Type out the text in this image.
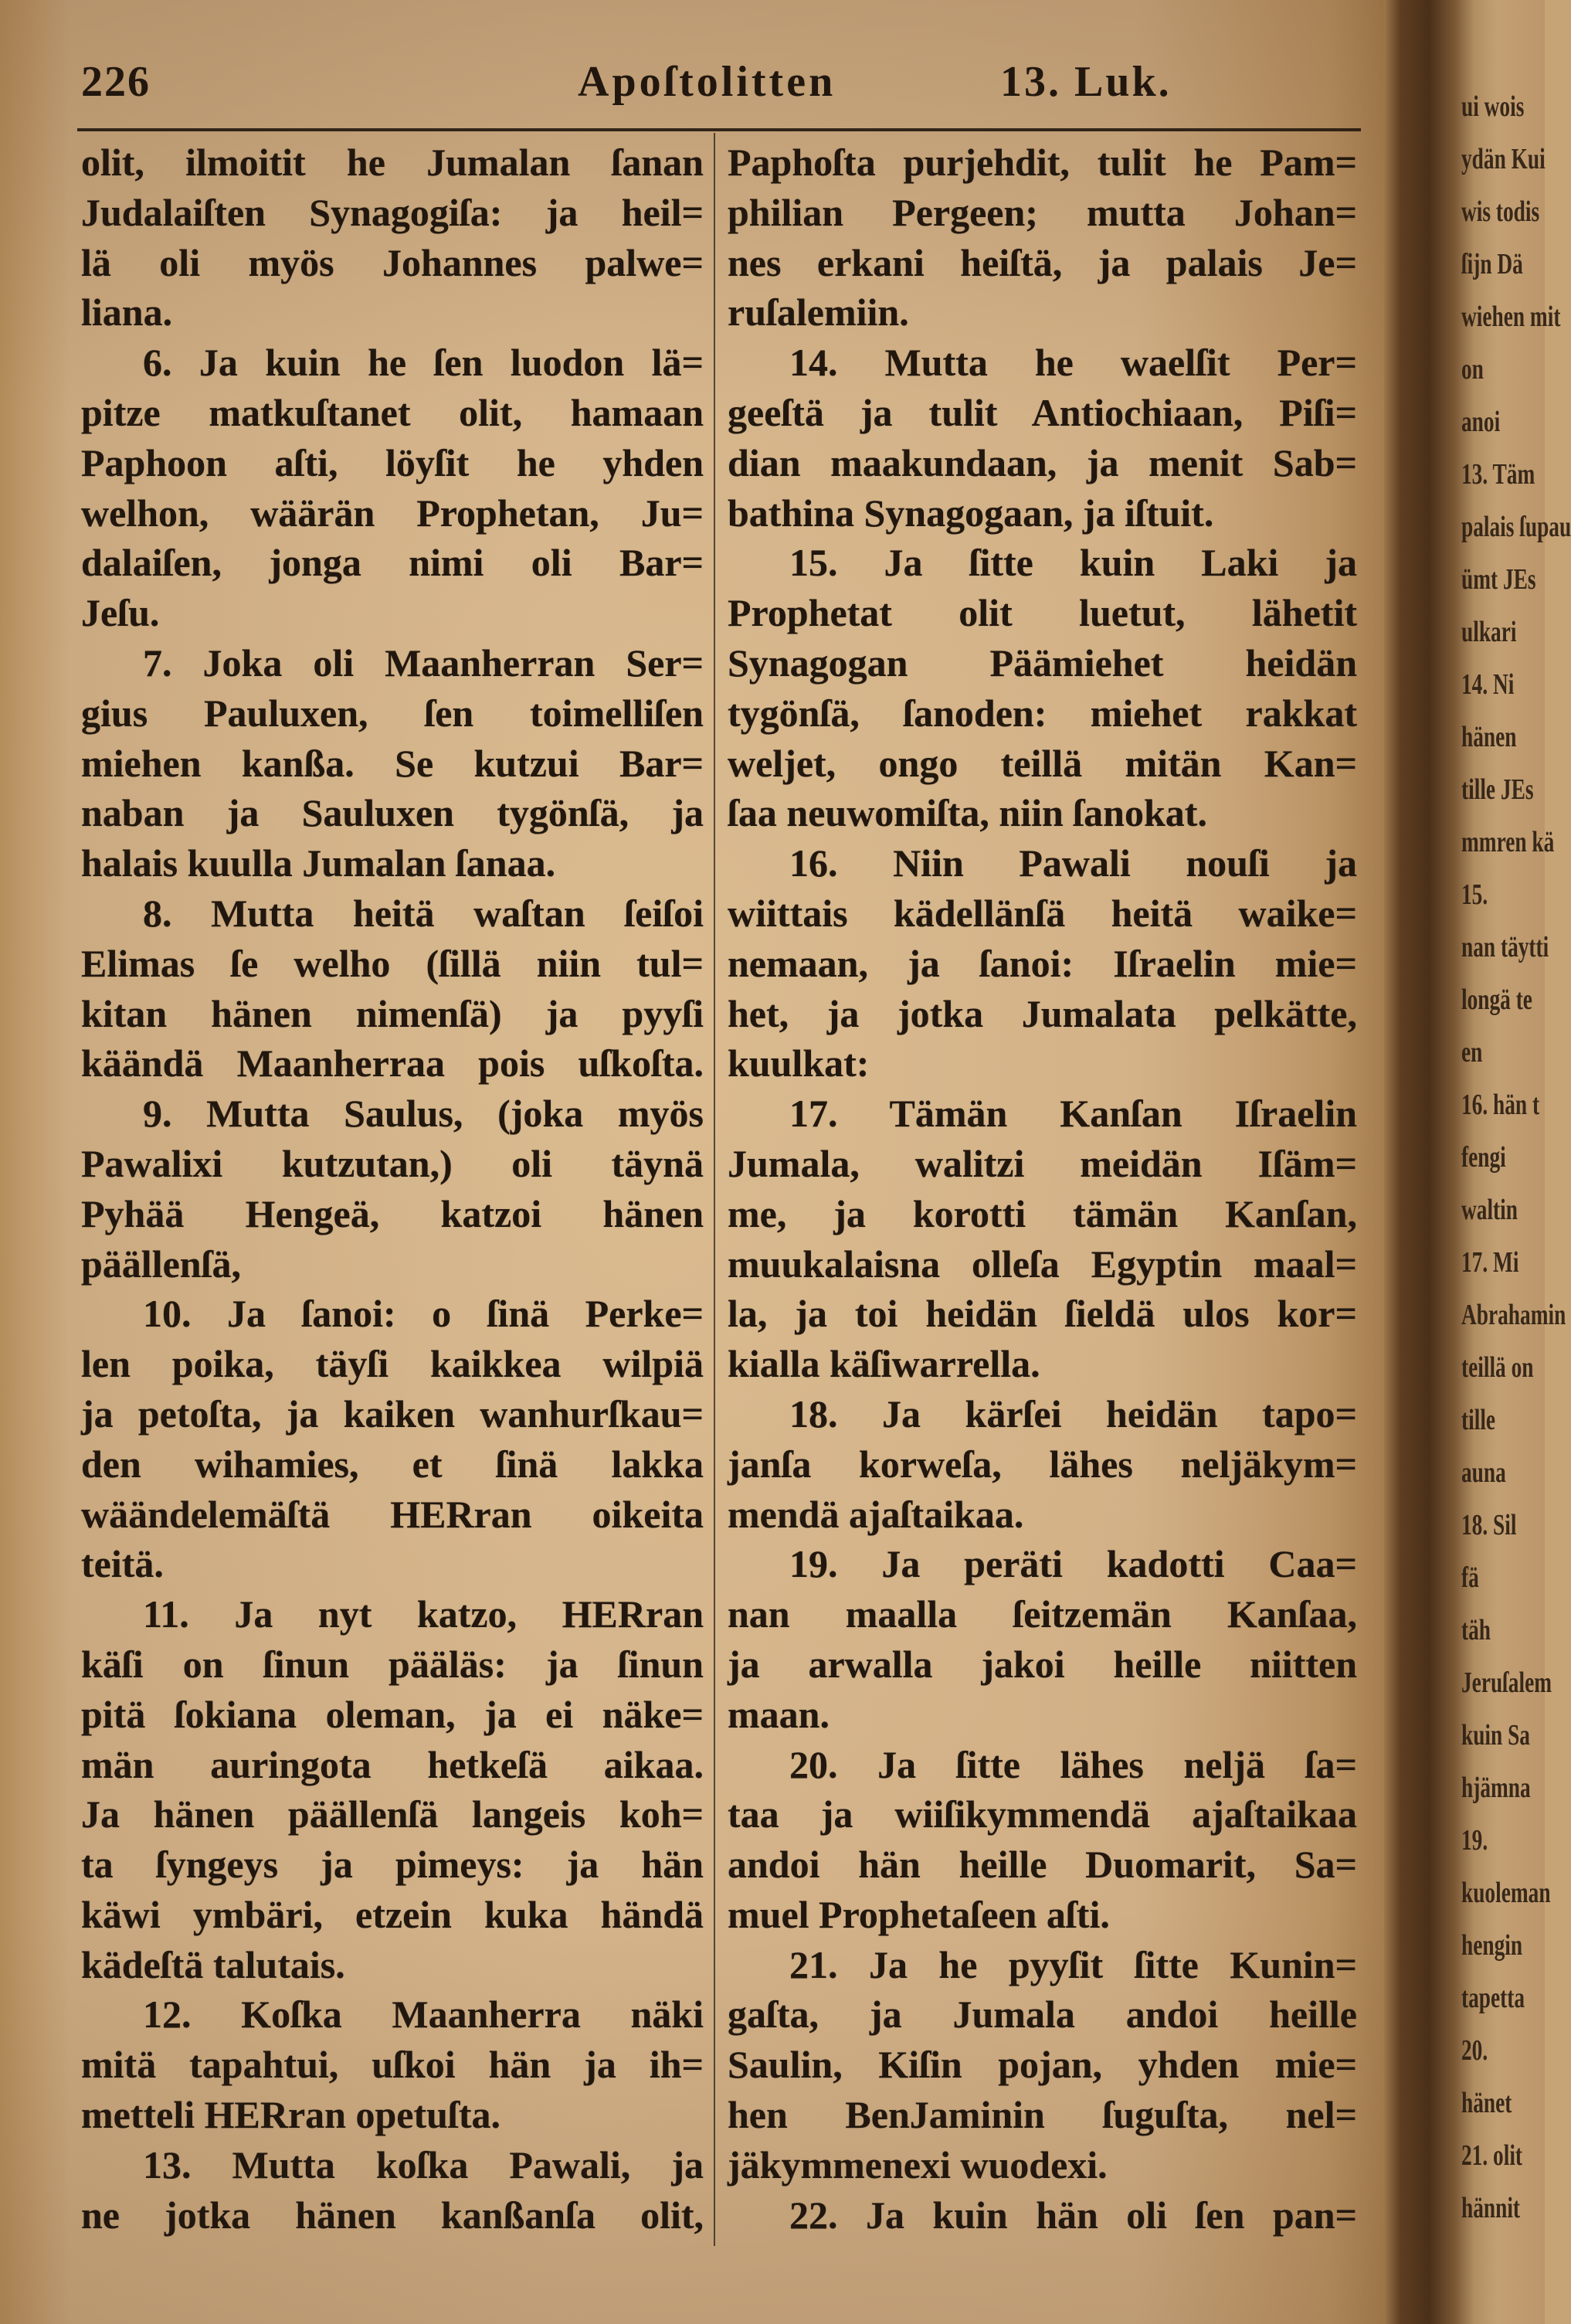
226	Apoſtolitten	13. Luk.
olit, ilmoitit he Jumalan ſanan
Judalaiſten Synagogiſa: ja heil=
lä oli myös Johannes palwe=
liana.
6. Ja kuin he ſen luodon lä=
pitze matkuſtanet olit, hamaan
Paphoon aſti, löyſit he yhden
welhon, wäärän Prophetan, Ju=
dalaiſen, jonga nimi oli Bar=
Jeſu.
7. Joka oli Maanherran Ser=
gius Pauluxen, ſen toimelliſen
miehen kanßa. Se kutzui Bar=
naban ja Sauluxen tygönſä, ja
halais kuulla Jumalan ſanaa.
8. Mutta heitä waſtan ſeiſoi
Elimas ſe welho (ſillä niin tul=
kitan hänen nimenſä) ja pyyſi
käändä Maanherraa pois uſkoſta.
9. Mutta Saulus, (joka myös
Pawalixi kutzutan,) oli täynä
Pyhää Hengeä, katzoi hänen
päällenſä,
10. Ja ſanoi: o ſinä Perke=
len poika, täyſi kaikkea wilpiä
ja petoſta, ja kaiken wanhurſkau=
den wihamies, et ſinä lakka
wäändelemäſtä HERran oikeita
teitä.
11. Ja nyt katzo, HERran
käſi on ſinun pääläs: ja ſinun
pitä ſokiana oleman, ja ei näke=
män auringota hetkeſä aikaa.
Ja hänen päällenſä langeis koh=
ta ſyngeys ja pimeys: ja hän
käwi ymbäri, etzein kuka händä
kädeſtä talutais.
12. Koſka Maanherra näki
mitä tapahtui, uſkoi hän ja ih=
metteli HERran opetuſta.
13. Mutta koſka Pawali, ja
ne jotka hänen kanßanſa olit,
Paphoſta purjehdit, tulit he Pam=
philian Pergeen; mutta Johan=
nes erkani heiſtä, ja palais Je=
ruſalemiin.
14. Mutta he waelſit Per=
geeſtä ja tulit Antiochiaan, Piſi=
dian maakundaan, ja menit Sab=
bathina Synagogaan, ja iſtuit.
15. Ja ſitte kuin Laki ja
Prophetat olit luetut, lähetit
Synagogan Päämiehet heidän
tygönſä, ſanoden: miehet rakkat
weljet, ongo teillä mitän Kan=
ſaa neuwomiſta, niin ſanokat.
16. Niin Pawali nouſi ja
wiittais kädellänſä heitä waike=
nemaan, ja ſanoi: Iſraelin mie=
het, ja jotka Jumalata pelkätte,
kuulkat:
17. Tämän Kanſan Iſraelin
Jumala, walitzi meidän Iſäm=
me, ja korotti tämän Kanſan,
muukalaisna olleſa Egyptin maal=
la, ja toi heidän ſieldä ulos kor=
kialla käſiwarrella.
18. Ja kärſei heidän tapo=
janſa korweſa, lähes neljäkym=
mendä ajaſtaikaa.
19. Ja peräti kadotti Caa=
nan maalla ſeitzemän Kanſaa,
ja arwalla jakoi heille niitten
maan.
20. Ja ſitte lähes neljä ſa=
taa ja wiiſikymmendä ajaſtaikaa
andoi hän heille Duomarit, Sa=
muel Prophetaſeen aſti.
21. Ja he pyyſit ſitte Kunin=
gaſta, ja Jumala andoi heille
Saulin, Kiſin pojan, yhden mie=
hen BenJaminin ſuguſta, nel=
jäkymmenexi wuodexi.
22. Ja kuin hän oli ſen pan=
ui wois
ydän Kui
wis todis
ſijn Dä
wiehen mit
on
anoi
13. Täm
palais ſupau
ümt JEs
ulkari
14. Ni
hänen
tille JEs
mmren kä
15.
nan täytti
longä te
en
16. hän t
fengi
waltin
17. Mi
Abrahamin
teillä on
tille
auna
18. Sil
fä
täh
Jeruſalem
kuin Sa
hjämna
19.
kuoleman
hengin
tapetta
20.
hänet
21. olit
hännit
